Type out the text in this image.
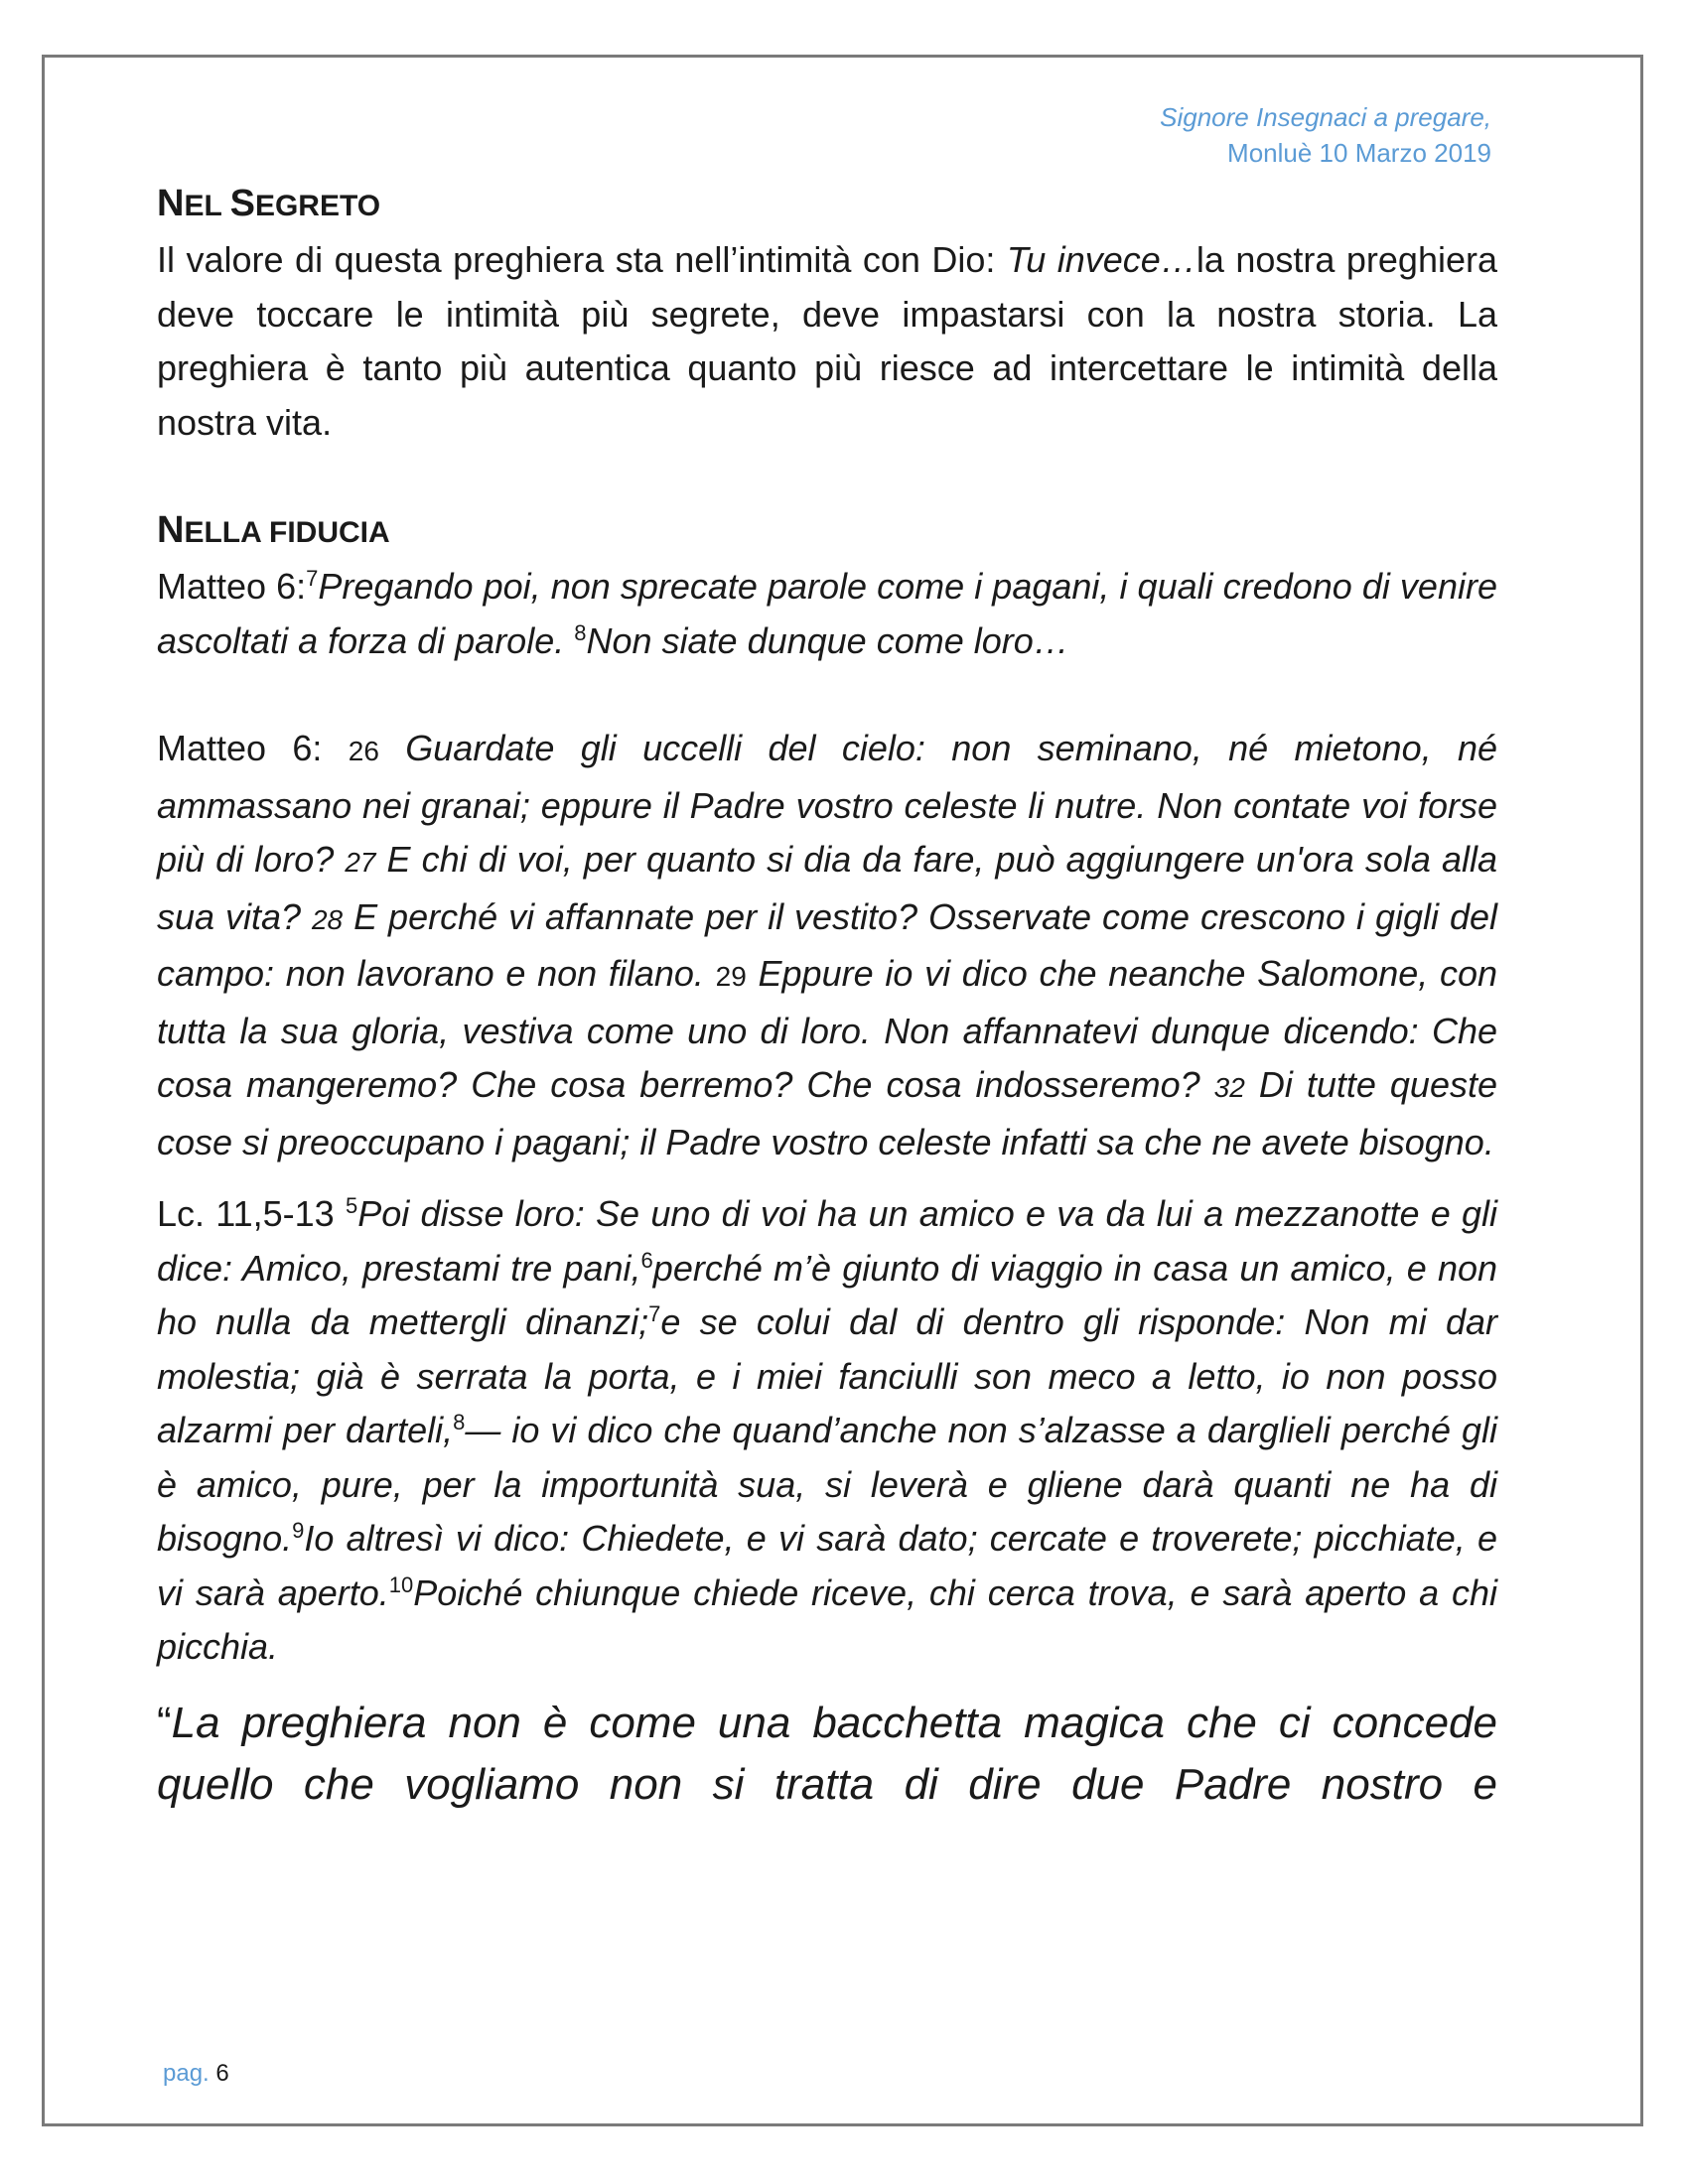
Signore Insegnaci a pregare,
Monluè 10 Marzo 2019

NEL SEGRETO

Il valore di questa preghiera sta nell’intimità con Dio: Tu invece…la nostra preghiera deve toccare le intimità più segrete, deve impastarsi con la nostra storia. La preghiera è tanto più autentica quanto più riesce ad intercettare le intimità della nostra vita.

NELLA FIDUCIA

Matteo 6:$^7$Pregando poi, non sprecate parole come i pagani, i quali credono di venire ascoltati a forza di parole. $^8$Non siate dunque come loro…

Matteo 6: 26 Guardate gli uccelli del cielo: non seminano, né mietono, né ammassano nei granai; eppure il Padre vostro celeste li nutre. Non contate voi forse più di loro? 27 E chi di voi, per quanto si dia da fare, può aggiungere un'ora sola alla sua vita? 28 E perché vi affannate per il vestito? Osservate come crescono i gigli del campo: non lavorano e non filano. 29 Eppure io vi dico che neanche Salomone, con tutta la sua gloria, vestiva come uno di loro. Non affannatevi dunque dicendo: Che cosa mangeremo? Che cosa berremo? Che cosa indosseremo? 32 Di tutte queste cose si preoccupano i pagani; il Padre vostro celeste infatti sa che ne avete bisogno.

Lc. 11,5-13 $^5$Poi disse loro: Se uno di voi ha un amico e va da lui a mezzanotte e gli dice: Amico, prestami tre pani,$^6$perché m’è giunto di viaggio in casa un amico, e non ho nulla da mettergli dinanzi;$^7$e se colui dal di dentro gli risponde: Non mi dar molestia; già è serrata la porta, e i miei fanciulli son meco a letto, io non posso alzarmi per darteli,$^8$— io vi dico che quand’anche non s’alzasse a darglieli perché gli è amico, pure, per la importunità sua, si leverà e gliene darà quanti ne ha di bisogno.$^9$Io altresì vi dico: Chiedete, e vi sarà dato; cercate e troverete; picchiate, e vi sarà aperto.$^{10}$Poiché chiunque chiede riceve, chi cerca trova, e sarà aperto a chi picchia.

“La preghiera non è come una bacchetta magica che ci concede quello che vogliamo non si tratta di dire due Padre nostro e

pag. 6
